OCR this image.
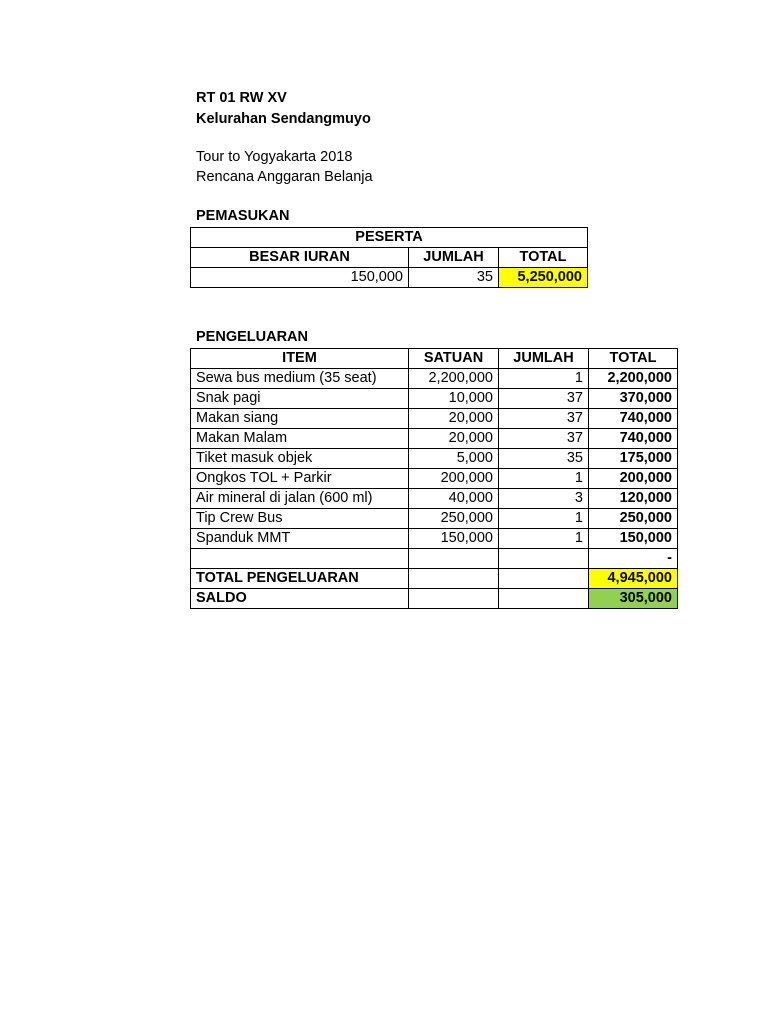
RT 01 RW XV
Kelurahan Sendangmuyo
Tour to Yogyakarta 2018
Rencana Anggaran Belanja
PEMASUKAN
PESERTA		
BESAR IURAN	JUMLAH	TOTAL
150,000	35	5,250,000
PENGELUARAN
ITEM	SATUAN	JUMLAH	TOTAL
Sewa bus medium (35 seat)	2,200,000	1	2,200,000
Snak pagi	10,000	37	370,000
Makan siang	20,000	37	740,000
Makan Malam	20,000	37	740,000
Tiket masuk objek	5,000	35	175,000
Ongkos TOL + Parkir	200,000	1	200,000
Air mineral di jalan (600 ml)	40,000	3	120,000
Tip Crew Bus	250,000	1	250,000
Spanduk MMT	150,000	1	150,000
			-
TOTAL PENGELUARAN			4,945,000
SALDO			305,000
